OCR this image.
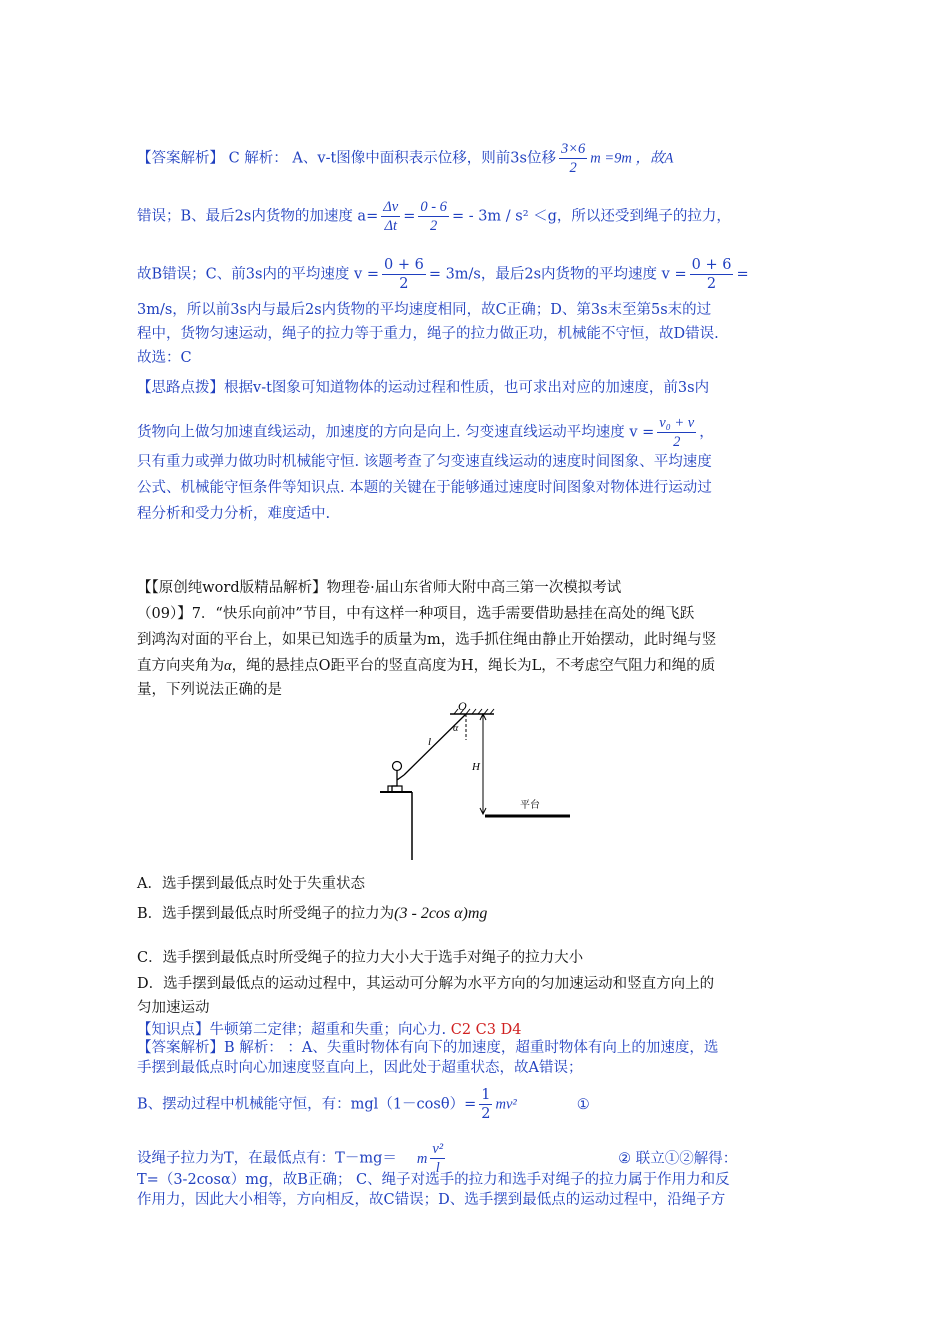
【答案解析】 C 解析： A、v-t图像中面积表示位移，则前3s位移 $\frac{3\times 6}{2}$ m =9m ，故A
错误；B、最后2s内货物的加速度 $a= \frac{\Delta v}{\Delta t} = \frac{0 - 6}{2}$ = - 3m / s² ＜g，所以还受到绳子的拉力，
故B错误；C、前3s内的平均速度 $v = \frac{0 + 6}{2} = 3m/s$，最后2s内货物的平均速度 $v = \frac{0 + 6}{2}$ =
3m/s，所以前3s内与最后2s内货物的平均速度相同，故C正确；D、第3s末至第5s末的过
程中，货物匀速运动，绳子的拉力等于重力，绳子的拉力做正功，机械能不守恒，故D错误.
故选：C
【思路点拨】根据v-t图象可知道物体的运动过程和性质，也可求出对应的加速度，前3s内
货物向上做匀加速直线运动，加速度的方向是向上. 匀变速直线运动平均速度 $v = \frac{\text{v₀ + v}}{2}$ ，
只有重力或弹力做功时机械能守恒. 该题考查了匀变速直线运动的速度时间图象、平均速度
公式、机械能守恒条件等知识点. 本题的关键在于能够通过速度时间图象对物体进行运动过
程分析和受力分析，难度适中.
【【原创纯word版精品解析】物理卷·届山东省师大附中高三第一次模拟考试
（09）】7．“快乐向前冲”节目，中有这样一种项目，选手需要借助悬挂在高处的绳飞跃
到鸿沟对面的平台上，如果已知选手的质量为m，选手抓住绳由静止开始摆动，此时绳与竖
直方向夹角为α，绳的悬挂点O距平台的竖直高度为H，绳长为L，不考虑空气阻力和绳的质
量，下列说法正确的是
O
α
l
H
平台
A．选手摆到最低点时处于失重状态
B．选手摆到最低点时所受绳子的拉力为(3 - 2cos α)mg
C．选手摆到最低点时所受绳子的拉力大小大于选手对绳子的拉力大小
D．选手摆到最低点的运动过程中，其运动可分解为水平方向的匀加速运动和竖直方向上的
匀加速运动
【知识点】牛顿第二定律；超重和失重；向心力. C2 C3 D4
【答案解析】B 解析： ：A、失重时物体有向下的加速度，超重时物体有向上的加速度，选
手摆到最低点时向心加速度竖直向上，因此处于超重状态，故A错误；
B、摆动过程中机械能守恒，有：$mgl(1-\cos\theta)= \frac{1}{2} mv^2$	①
设绳子拉力为T，在最低点有：T－mg＝ m $\frac{\text{v²}}{l}$	② 联立①②解得：
T=（3-2cosα）mg，故B正确； C、绳子对选手的拉力和选手对绳子的拉力属于作用力和反
作用力，因此大小相等，方向相反，故C错误；D、选手摆到最低点的运动过程中，沿绳子方
